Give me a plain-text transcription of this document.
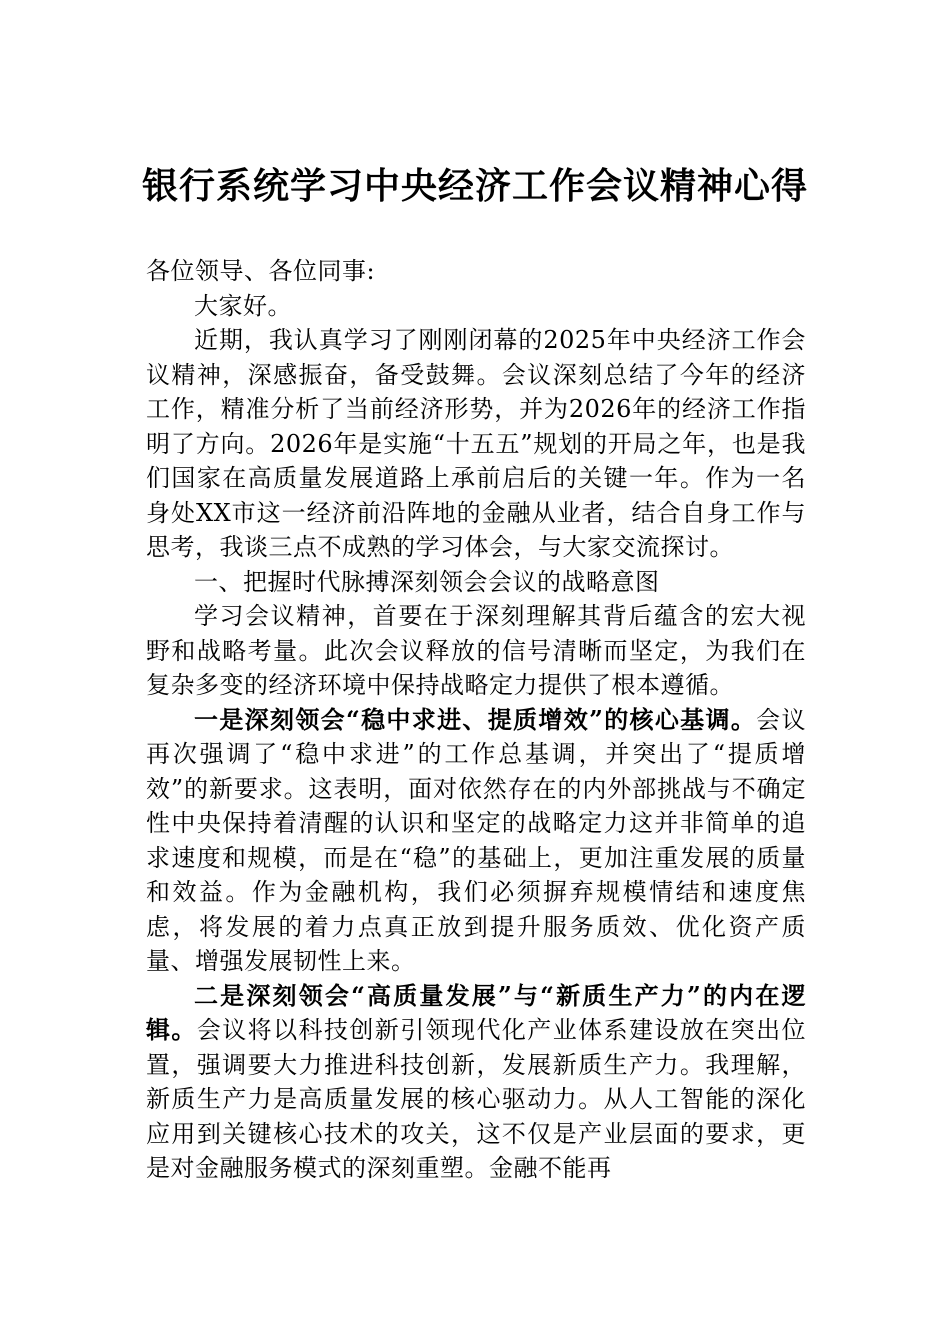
银行系统学习中央经济工作会议精神心得

各位领导、各位同事:

大家好。

近期，我认真学习了刚刚闭幕的2025年中央经济工作会议精神，深感振奋，备受鼓舞。会议深刻总结了今年的经济工作，精准分析了当前经济形势，并为2026年的经济工作指明了方向。2026年是实施“十五五”规划的开局之年，也是我们国家在高质量发展道路上承前启后的关键一年。作为一名身处XX市这一经济前沿阵地的金融从业者，结合自身工作与思考，我谈三点不成熟的学习体会，与大家交流探讨。

一、把握时代脉搏深刻领会会议的战略意图

学习会议精神，首要在于深刻理解其背后蕴含的宏大视野和战略考量。此次会议释放的信号清晰而坚定，为我们在复杂多变的经济环境中保持战略定力提供了根本遵循。

一是深刻领会“稳中求进、提质增效”的核心基调。会议再次强调了“稳中求进”的工作总基调，并突出了“提质增效”的新要求。这表明，面对依然存在的内外部挑战与不确定性中央保持着清醒的认识和坚定的战略定力这并非简单的追求速度和规模，而是在“稳”的基础上，更加注重发展的质量和效益。作为金融机构，我们必须摒弃规模情结和速度焦虑，将发展的着力点真正放到提升服务质效、优化资产质量、增强发展韧性上来。

二是深刻领会“高质量发展”与“新质生产力”的内在逻辑。会议将以科技创新引领现代化产业体系建设放在突出位置，强调要大力推进科技创新，发展新质生产力。我理解，新质生产力是高质量发展的核心驱动力。从人工智能的深化应用到关键核心技术的攻关，这不仅是产业层面的要求，更是对金融服务模式的深刻重塑。金融不能再
